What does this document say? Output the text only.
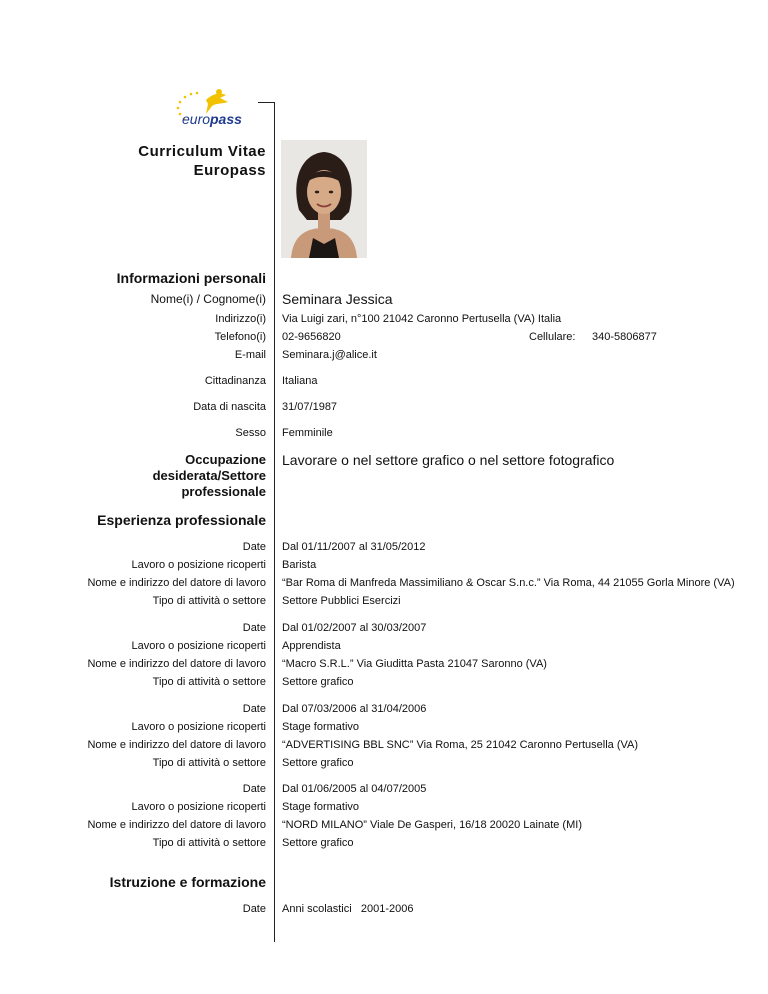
euro pass
Curriculum Vitae
Europass
Informazioni personali
Nome(i) / Cognome(i) Seminara Jessica
Indirizzo(i) Via Luigi zari, n°100 21042 Caronno Pertusella (VA) Italia
Telefono(i) 02-9656820	Cellulare: 340-5806877
E-mail Seminara.j@alice.it
Cittadinanza Italiana
Data di nascita 31/07/1987
Sesso Femminile
Occupazione
desiderata/Settore
professionale
Lavorare o nel settore grafico o nel settore fotografico
Esperienza professionale
Date Dal 01/11/2007 al 31/05/2012
Lavoro o posizione ricoperti Barista
Nome e indirizzo del datore di lavoro “Bar Roma di Manfreda Massimiliano & Oscar S.n.c.” Via Roma, 44 21055 Gorla Minore (VA)
Tipo di attività o settore Settore Pubblici Esercizi
Date Dal 01/02/2007 al 30/03/2007
Lavoro o posizione ricoperti Apprendista
Nome e indirizzo del datore di lavoro “Macro S.R.L.” Via Giuditta Pasta 21047 Saronno (VA)
Tipo di attività o settore Settore grafico
Date Dal 07/03/2006 al 31/04/2006
Lavoro o posizione ricoperti Stage formativo
Nome e indirizzo del datore di lavoro “ADVERTISING BBL SNC” Via Roma, 25 21042 Caronno Pertusella (VA)
Tipo di attività o settore Settore grafico
Date Dal 01/06/2005 al 04/07/2005
Lavoro o posizione ricoperti Stage formativo
Nome e indirizzo del datore di lavoro “NORD MILANO” Viale De Gasperi, 16/18 20020 Lainate (MI)
Tipo di attività o settore Settore grafico
Istruzione e formazione
Date Anni scolastici   2001-2006
